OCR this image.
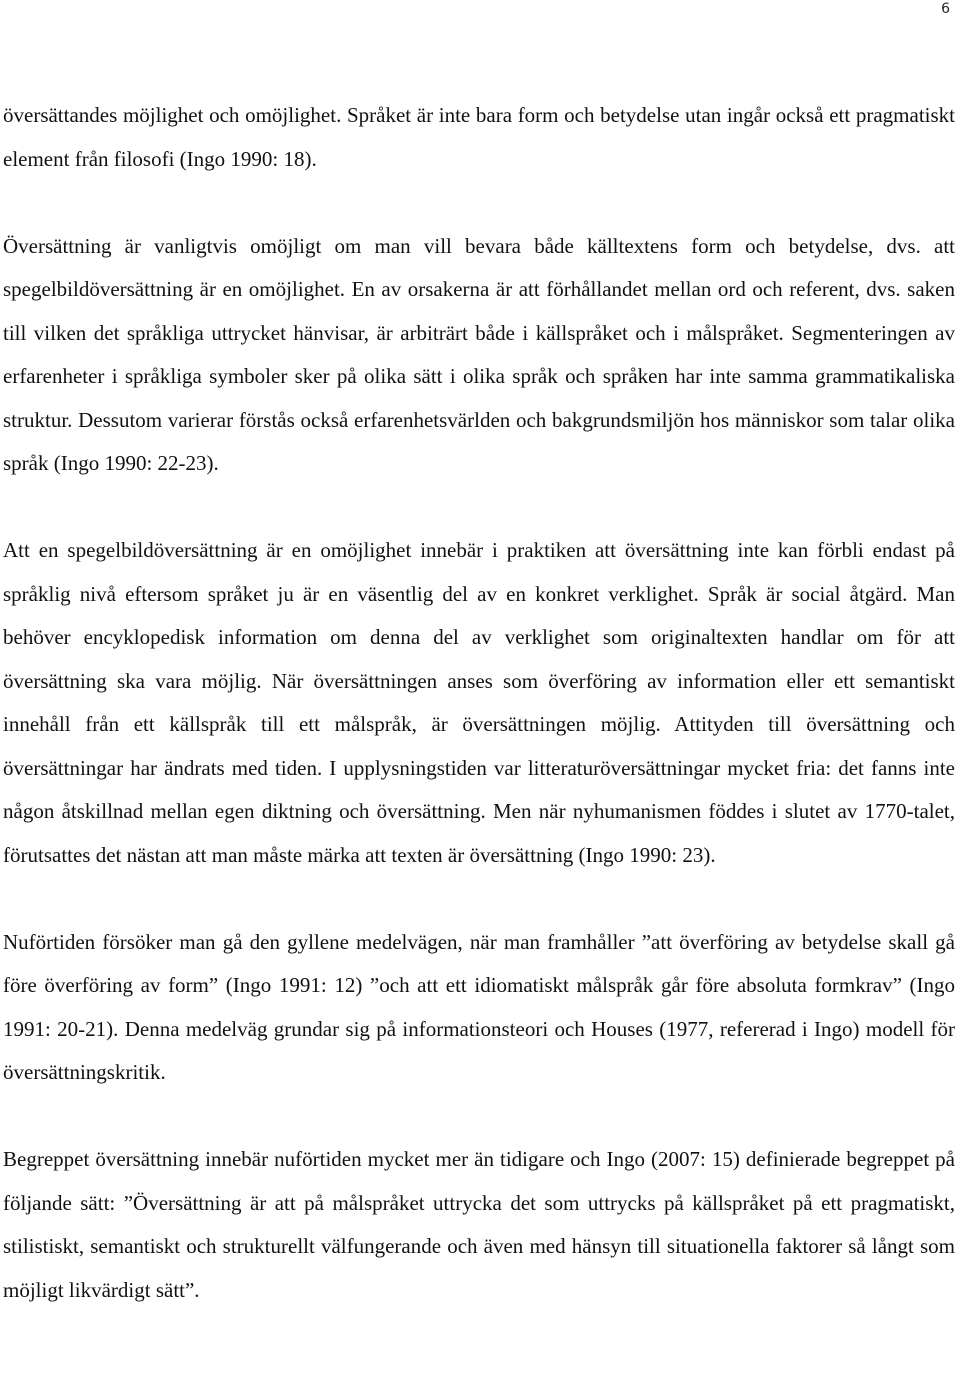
6

översättandes möjlighet och omöjlighet. Språket är inte bara form och betydelse utan ingår också ett pragmatiskt element från filosofi (Ingo 1990: 18).

Översättning är vanligtvis omöjligt om man vill bevara både källtextens form och betydelse, dvs. att spegelbildöversättning är en omöjlighet. En av orsakerna är att förhållandet mellan ord och referent, dvs. saken till vilken det språkliga uttrycket hänvisar, är arbiträrt både i källspråket och i målspråket. Segmenteringen av erfarenheter i språkliga symboler sker på olika sätt i olika språk och språken har inte samma grammatikaliska struktur. Dessutom varierar förstås också erfarenhetsvärlden och bakgrundsmiljön hos människor som talar olika språk (Ingo 1990: 22-23).

Att en spegelbildöversättning är en omöjlighet innebär i praktiken att översättning inte kan förbli endast på språklig nivå eftersom språket ju är en väsentlig del av en konkret verklighet. Språk är social åtgärd. Man behöver encyklopedisk information om denna del av verklighet som originaltexten handlar om för att översättning ska vara möjlig. När översättningen anses som överföring av information eller ett semantiskt innehåll från ett källspråk till ett målspråk, är översättningen möjlig. Attityden till översättning och översättningar har ändrats med tiden. I upplysningstiden var litteraturöversättningar mycket fria: det fanns inte någon åtskillnad mellan egen diktning och översättning. Men när nyhumanismen föddes i slutet av 1770-talet, förutsattes det nästan att man måste märka att texten är översättning (Ingo 1990: 23).

Nuförtiden försöker man gå den gyllene medelvägen, när man framhåller ”att överföring av betydelse skall gå före överföring av form” (Ingo 1991: 12) ”och att ett idiomatiskt målspråk går före absoluta formkrav” (Ingo 1991: 20-21). Denna medelväg grundar sig på informationsteori och Houses (1977, refererad i Ingo) modell för översättningskritik.

Begreppet översättning innebär nuförtiden mycket mer än tidigare och Ingo (2007: 15) definierade begreppet på följande sätt: ”Översättning är att på målspråket uttrycka det som uttrycks på källspråket på ett pragmatiskt, stilistiskt, semantiskt och strukturellt välfungerande och även med hänsyn till situationella faktorer så långt som möjligt likvärdigt sätt”.
